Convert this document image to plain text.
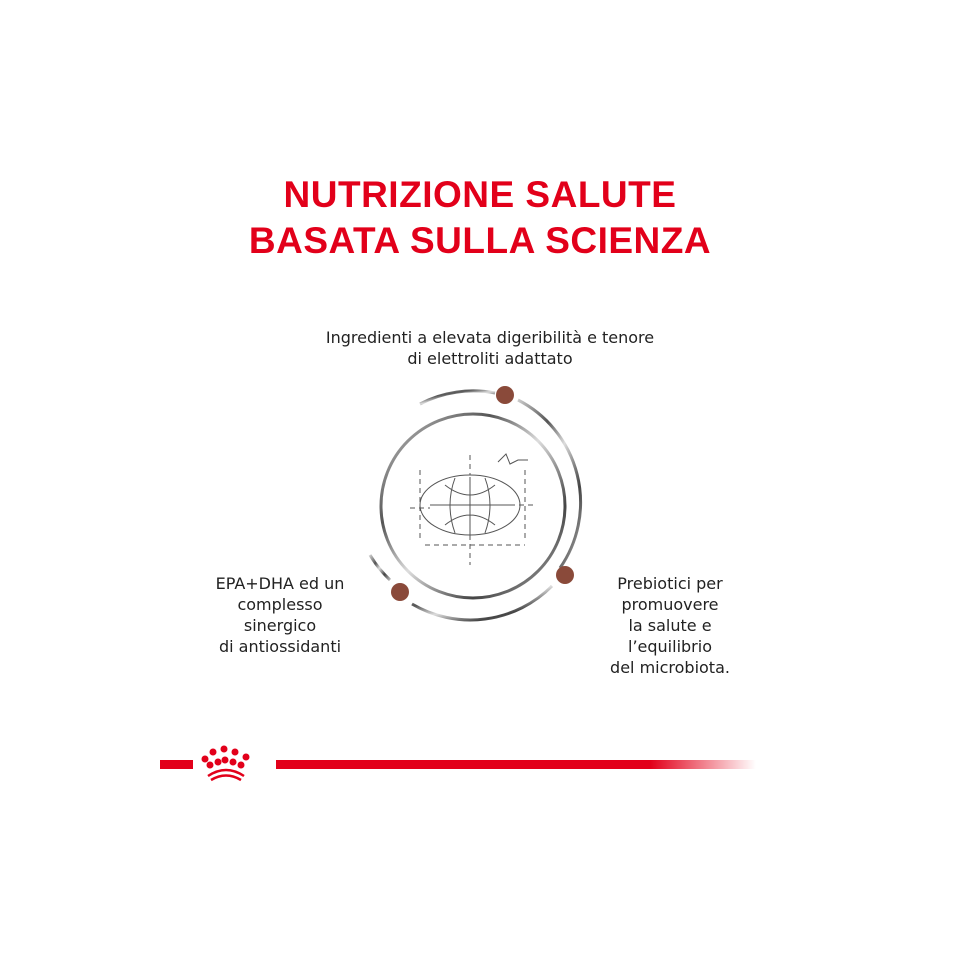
NUTRIZIONE SALUTE
BASATA SULLA SCIENZA
Ingredienti a elevata digeribilità e tenore
di elettroliti adattato
EPA+DHA ed un
complesso
sinergico
di antiossidanti
Prebiotici per
promuovere
la salute e
l’equilibrio
del microbiota.
